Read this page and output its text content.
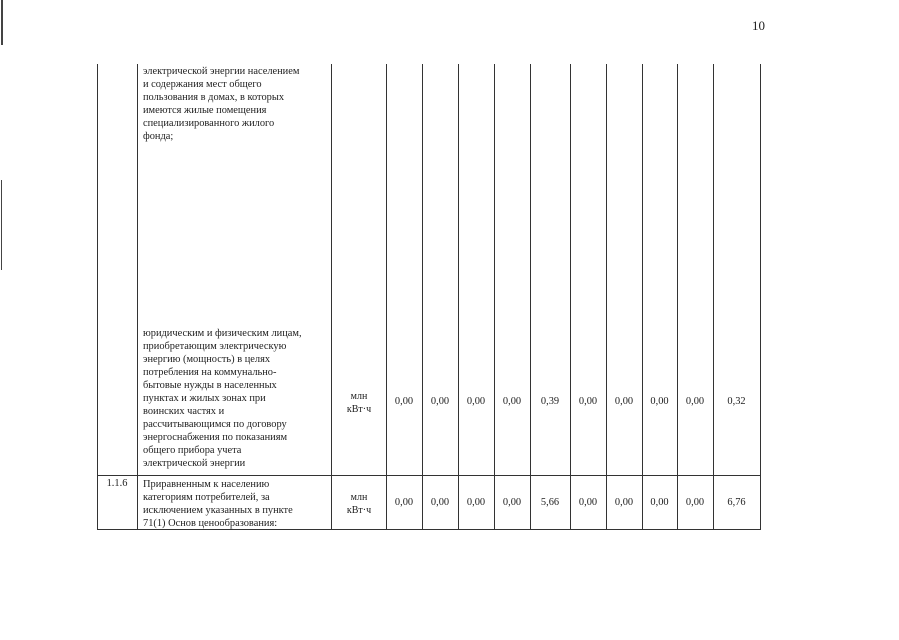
10
электрической энергии населением
и содержания мест общего
пользования в домах, в которых
имеются жилые помещения
специализированного жилого
фонда;
юридическим и физическим лицам,
приобретающим электрическую
энергию (мощность) в целях
потребления на коммунально-
бытовые нужды в населенных
пунктах и жилых зонах при
воинских частях и
рассчитывающимся по договору
энергоснабжения по показаниям
общего прибора учета
электрической энергии
млн
кВт·ч
0,00	0,00	0,00	0,00	0,39	0,00	0,00	0,00	0,00	0,32
1.1.6	Приравненным к населению
категориям потребителей, за
исключением указанных в пункте
71(1) Основ ценообразования:
млн
кВт·ч
0,00	0,00	0,00	0,00	5,66	0,00	0,00	0,00	0,00	6,76
